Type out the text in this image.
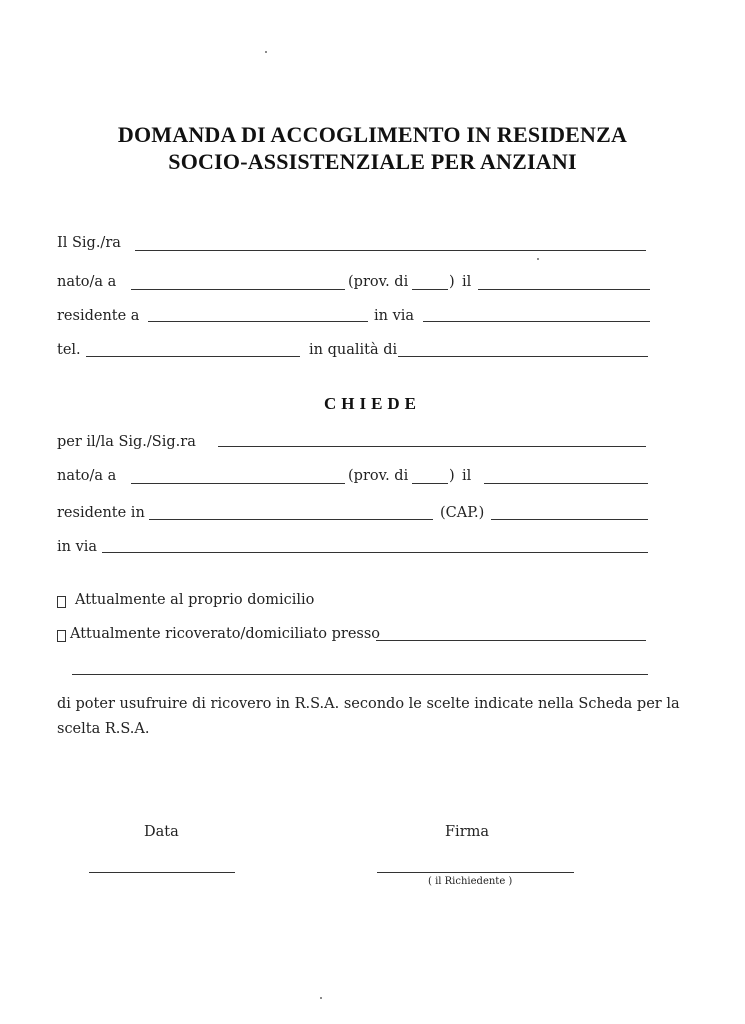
DOMANDA DI ACCOGLIMENTO IN RESIDENZA
SOCIO-ASSISTENZIALE PER ANZIANI
Il Sig./ra
nato/a a	(prov. di	) il
residente a	in via
tel.	in qualità di
CHIEDE
per il/la Sig./Sig.ra
nato/a a	(prov. di	) il
residente in	(CAP.)
in via
Attualmente al proprio domicilio
Attualmente ricoverato/domiciliato presso
di poter usufruire di ricovero in R.S.A. secondo le scelte indicate nella Scheda per la
scelta R.S.A.
Data	Firma
( il Richiedente )
